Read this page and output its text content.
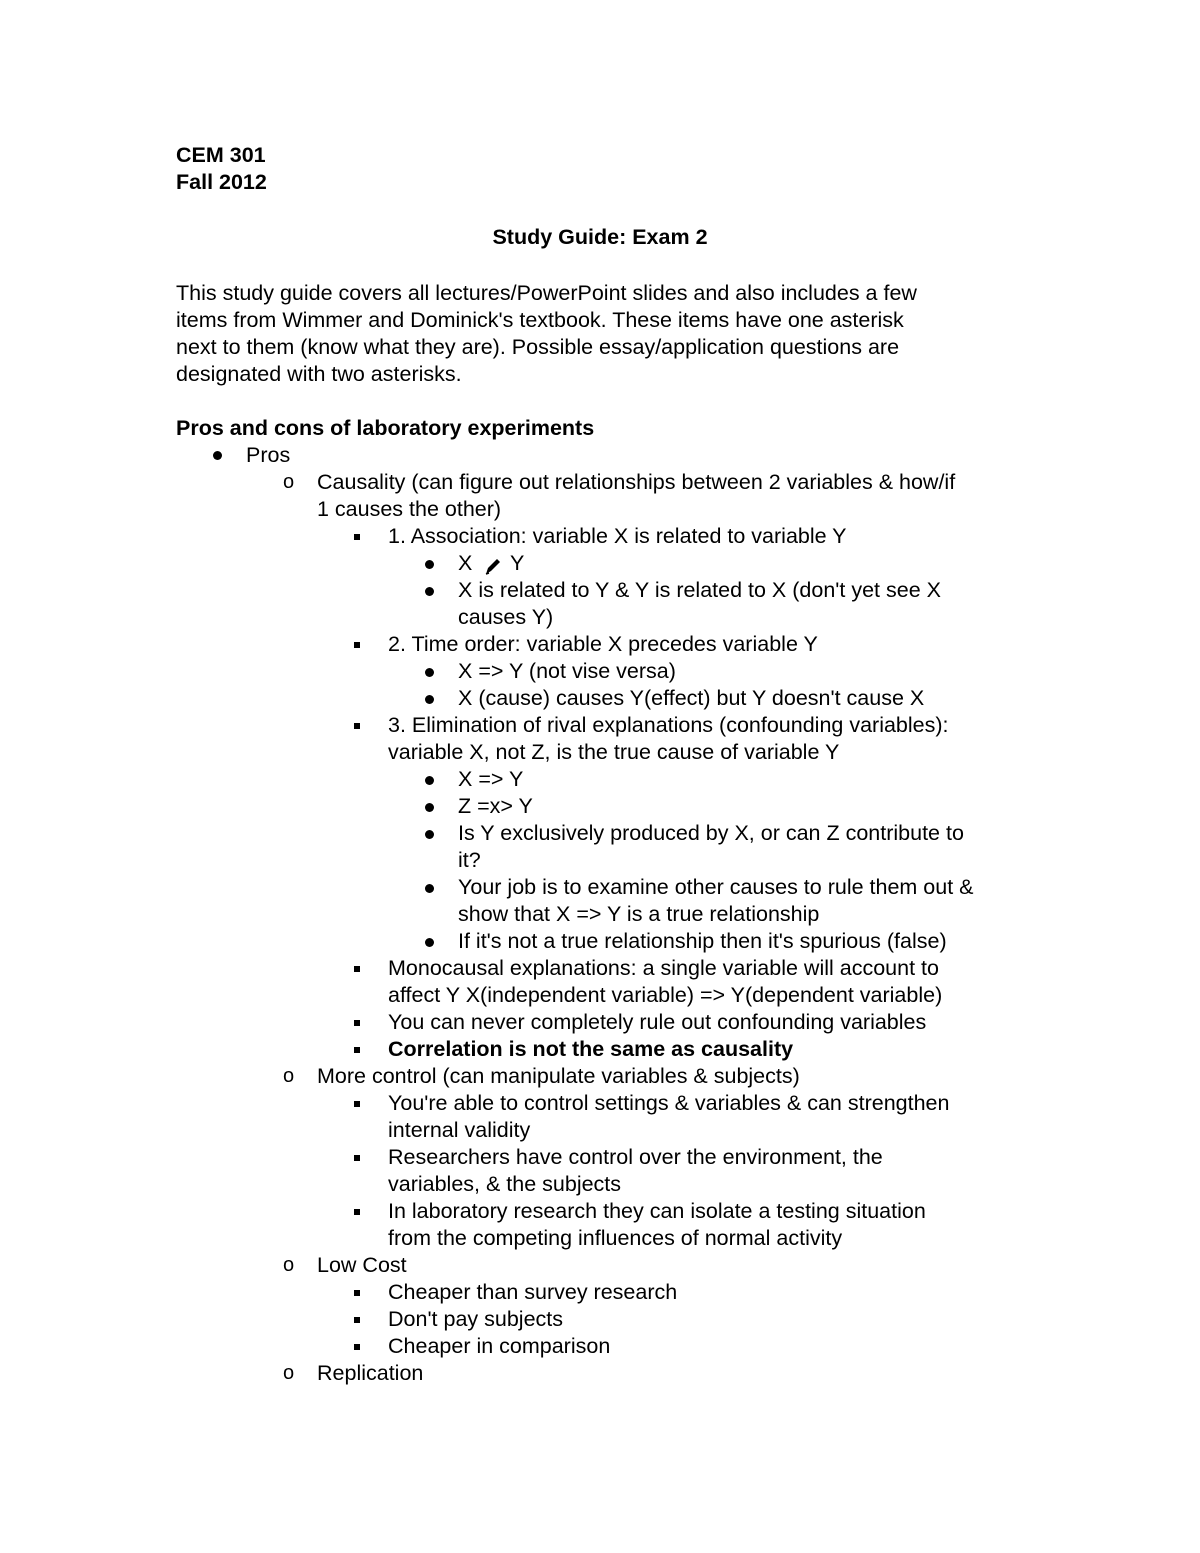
CEM 301
Fall 2012
Study Guide: Exam 2
This study guide covers all lectures/PowerPoint slides and also includes a few
items from Wimmer and Dominick's textbook. These items have one asterisk
next to them (know what they are). Possible essay/application questions are
designated with two asterisks.
Pros and cons of laboratory experiments
Pros
o Causality (can figure out relationships between 2 variables & how/if
1 causes the other)
1. Association: variable X is related to variable Y
X Y
X is related to Y & Y is related to X (don't yet see X
causes Y)
2. Time order: variable X precedes variable Y
X => Y (not vise versa)
X (cause) causes Y(effect) but Y doesn't cause X
3. Elimination of rival explanations (confounding variables):
variable X, not Z, is the true cause of variable Y
X => Y
Z =x> Y
Is Y exclusively produced by X, or can Z contribute to
it?
Your job is to examine other causes to rule them out &
show that X => Y is a true relationship
If it's not a true relationship then it's spurious (false)
Monocausal explanations: a single variable will account to
affect Y X(independent variable) => Y(dependent variable)
You can never completely rule out confounding variables
Correlation is not the same as causality
o More control (can manipulate variables & subjects)
You're able to control settings & variables & can strengthen
internal validity
Researchers have control over the environment, the
variables, & the subjects
In laboratory research they can isolate a testing situation
from the competing influences of normal activity
o Low Cost
Cheaper than survey research
Don't pay subjects
Cheaper in comparison
o Replication
